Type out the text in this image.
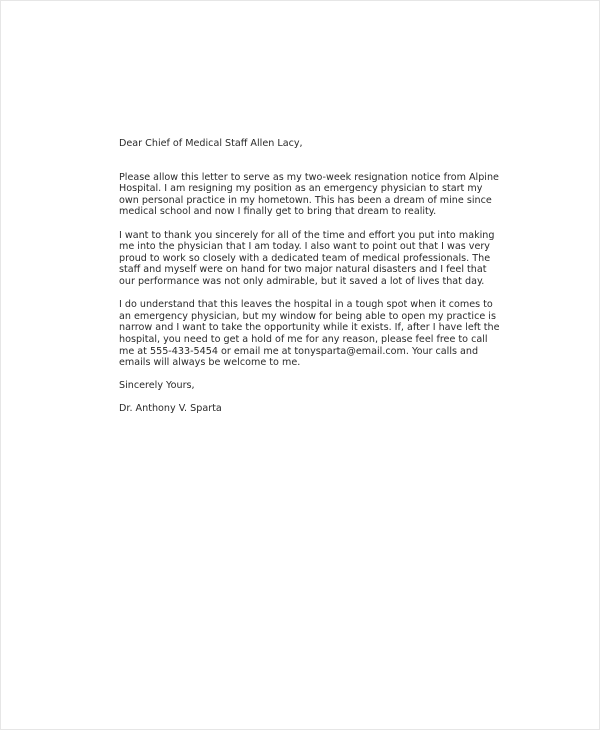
Dear Chief of Medical Staff Allen Lacy,

Please allow this letter to serve as my two-week resignation notice from Alpine Hospital. I am resigning my position as an emergency physician to start my own personal practice in my hometown. This has been a dream of mine since medical school and now I finally get to bring that dream to reality.

I want to thank you sincerely for all of the time and effort you put into making me into the physician that I am today. I also want to point out that I was very proud to work so closely with a dedicated team of medical professionals. The staff and myself were on hand for two major natural disasters and I feel that our performance was not only admirable, but it saved a lot of lives that day.

I do understand that this leaves the hospital in a tough spot when it comes to an emergency physician, but my window for being able to open my practice is narrow and I want to take the opportunity while it exists. If, after I have left the hospital, you need to get a hold of me for any reason, please feel free to call me at 555-433-5454 or email me at tonysparta@email.com. Your calls and emails will always be welcome to me.

Sincerely Yours,

Dr. Anthony V. Sparta
